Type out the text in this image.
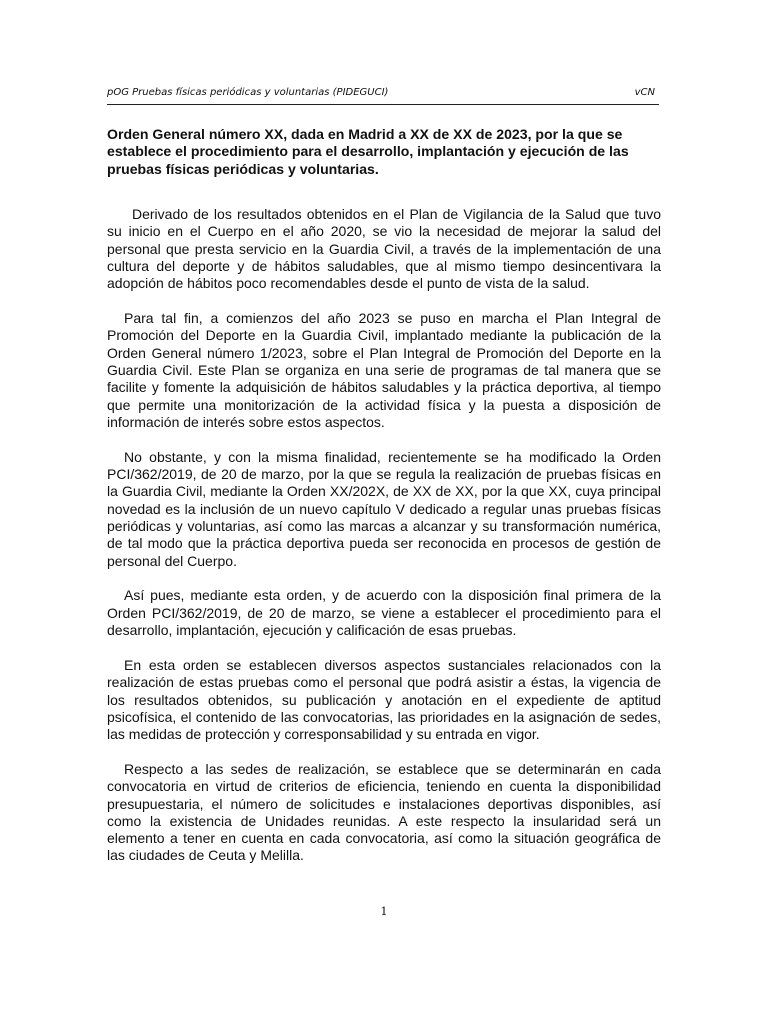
pOG Pruebas físicas periódicas y voluntarias (PIDEGUCI)	vCN
Orden General número XX, dada en Madrid a XX de XX de 2023, por la que se establece el procedimiento para el desarrollo, implantación y ejecución de las pruebas físicas periódicas y voluntarias.

Derivado de los resultados obtenidos en el Plan de Vigilancia de la Salud que tuvo su inicio en el Cuerpo en el año 2020, se vio la necesidad de mejorar la salud del personal que presta servicio en la Guardia Civil, a través de la implementación de una cultura del deporte y de hábitos saludables, que al mismo tiempo desincentivara la adopción de hábitos poco recomendables desde el punto de vista de la salud.

Para tal fin, a comienzos del año 2023 se puso en marcha el Plan Integral de Promoción del Deporte en la Guardia Civil, implantado mediante la publicación de la Orden General número 1/2023, sobre el Plan Integral de Promoción del Deporte en la Guardia Civil. Este Plan se organiza en una serie de programas de tal manera que se facilite y fomente la adquisición de hábitos saludables y la práctica deportiva, al tiempo que permite una monitorización de la actividad física y la puesta a disposición de información de interés sobre estos aspectos.

No obstante, y con la misma finalidad, recientemente se ha modificado la Orden PCI/362/2019, de 20 de marzo, por la que se regula la realización de pruebas físicas en la Guardia Civil, mediante la Orden XX/202X, de XX de XX, por la que XX, cuya principal novedad es la inclusión de un nuevo capítulo V dedicado a regular unas pruebas físicas periódicas y voluntarias, así como las marcas a alcanzar y su transformación numérica, de tal modo que la práctica deportiva pueda ser reconocida en procesos de gestión de personal del Cuerpo.

Así pues, mediante esta orden, y de acuerdo con la disposición final primera de la Orden PCI/362/2019, de 20 de marzo, se viene a establecer el procedimiento para el desarrollo, implantación, ejecución y calificación de esas pruebas.

En esta orden se establecen diversos aspectos sustanciales relacionados con la realización de estas pruebas como el personal que podrá asistir a éstas, la vigencia de los resultados obtenidos, su publicación y anotación en el expediente de aptitud psicofísica, el contenido de las convocatorias, las prioridades en la asignación de sedes, las medidas de protección y corresponsabilidad y su entrada en vigor.

Respecto a las sedes de realización, se establece que se determinarán en cada convocatoria en virtud de criterios de eficiencia, teniendo en cuenta la disponibilidad presupuestaria, el número de solicitudes e instalaciones deportivas disponibles, así como la existencia de Unidades reunidas. A este respecto la insularidad será un elemento a tener en cuenta en cada convocatoria, así como la situación geográfica de las ciudades de Ceuta y Melilla.

1
